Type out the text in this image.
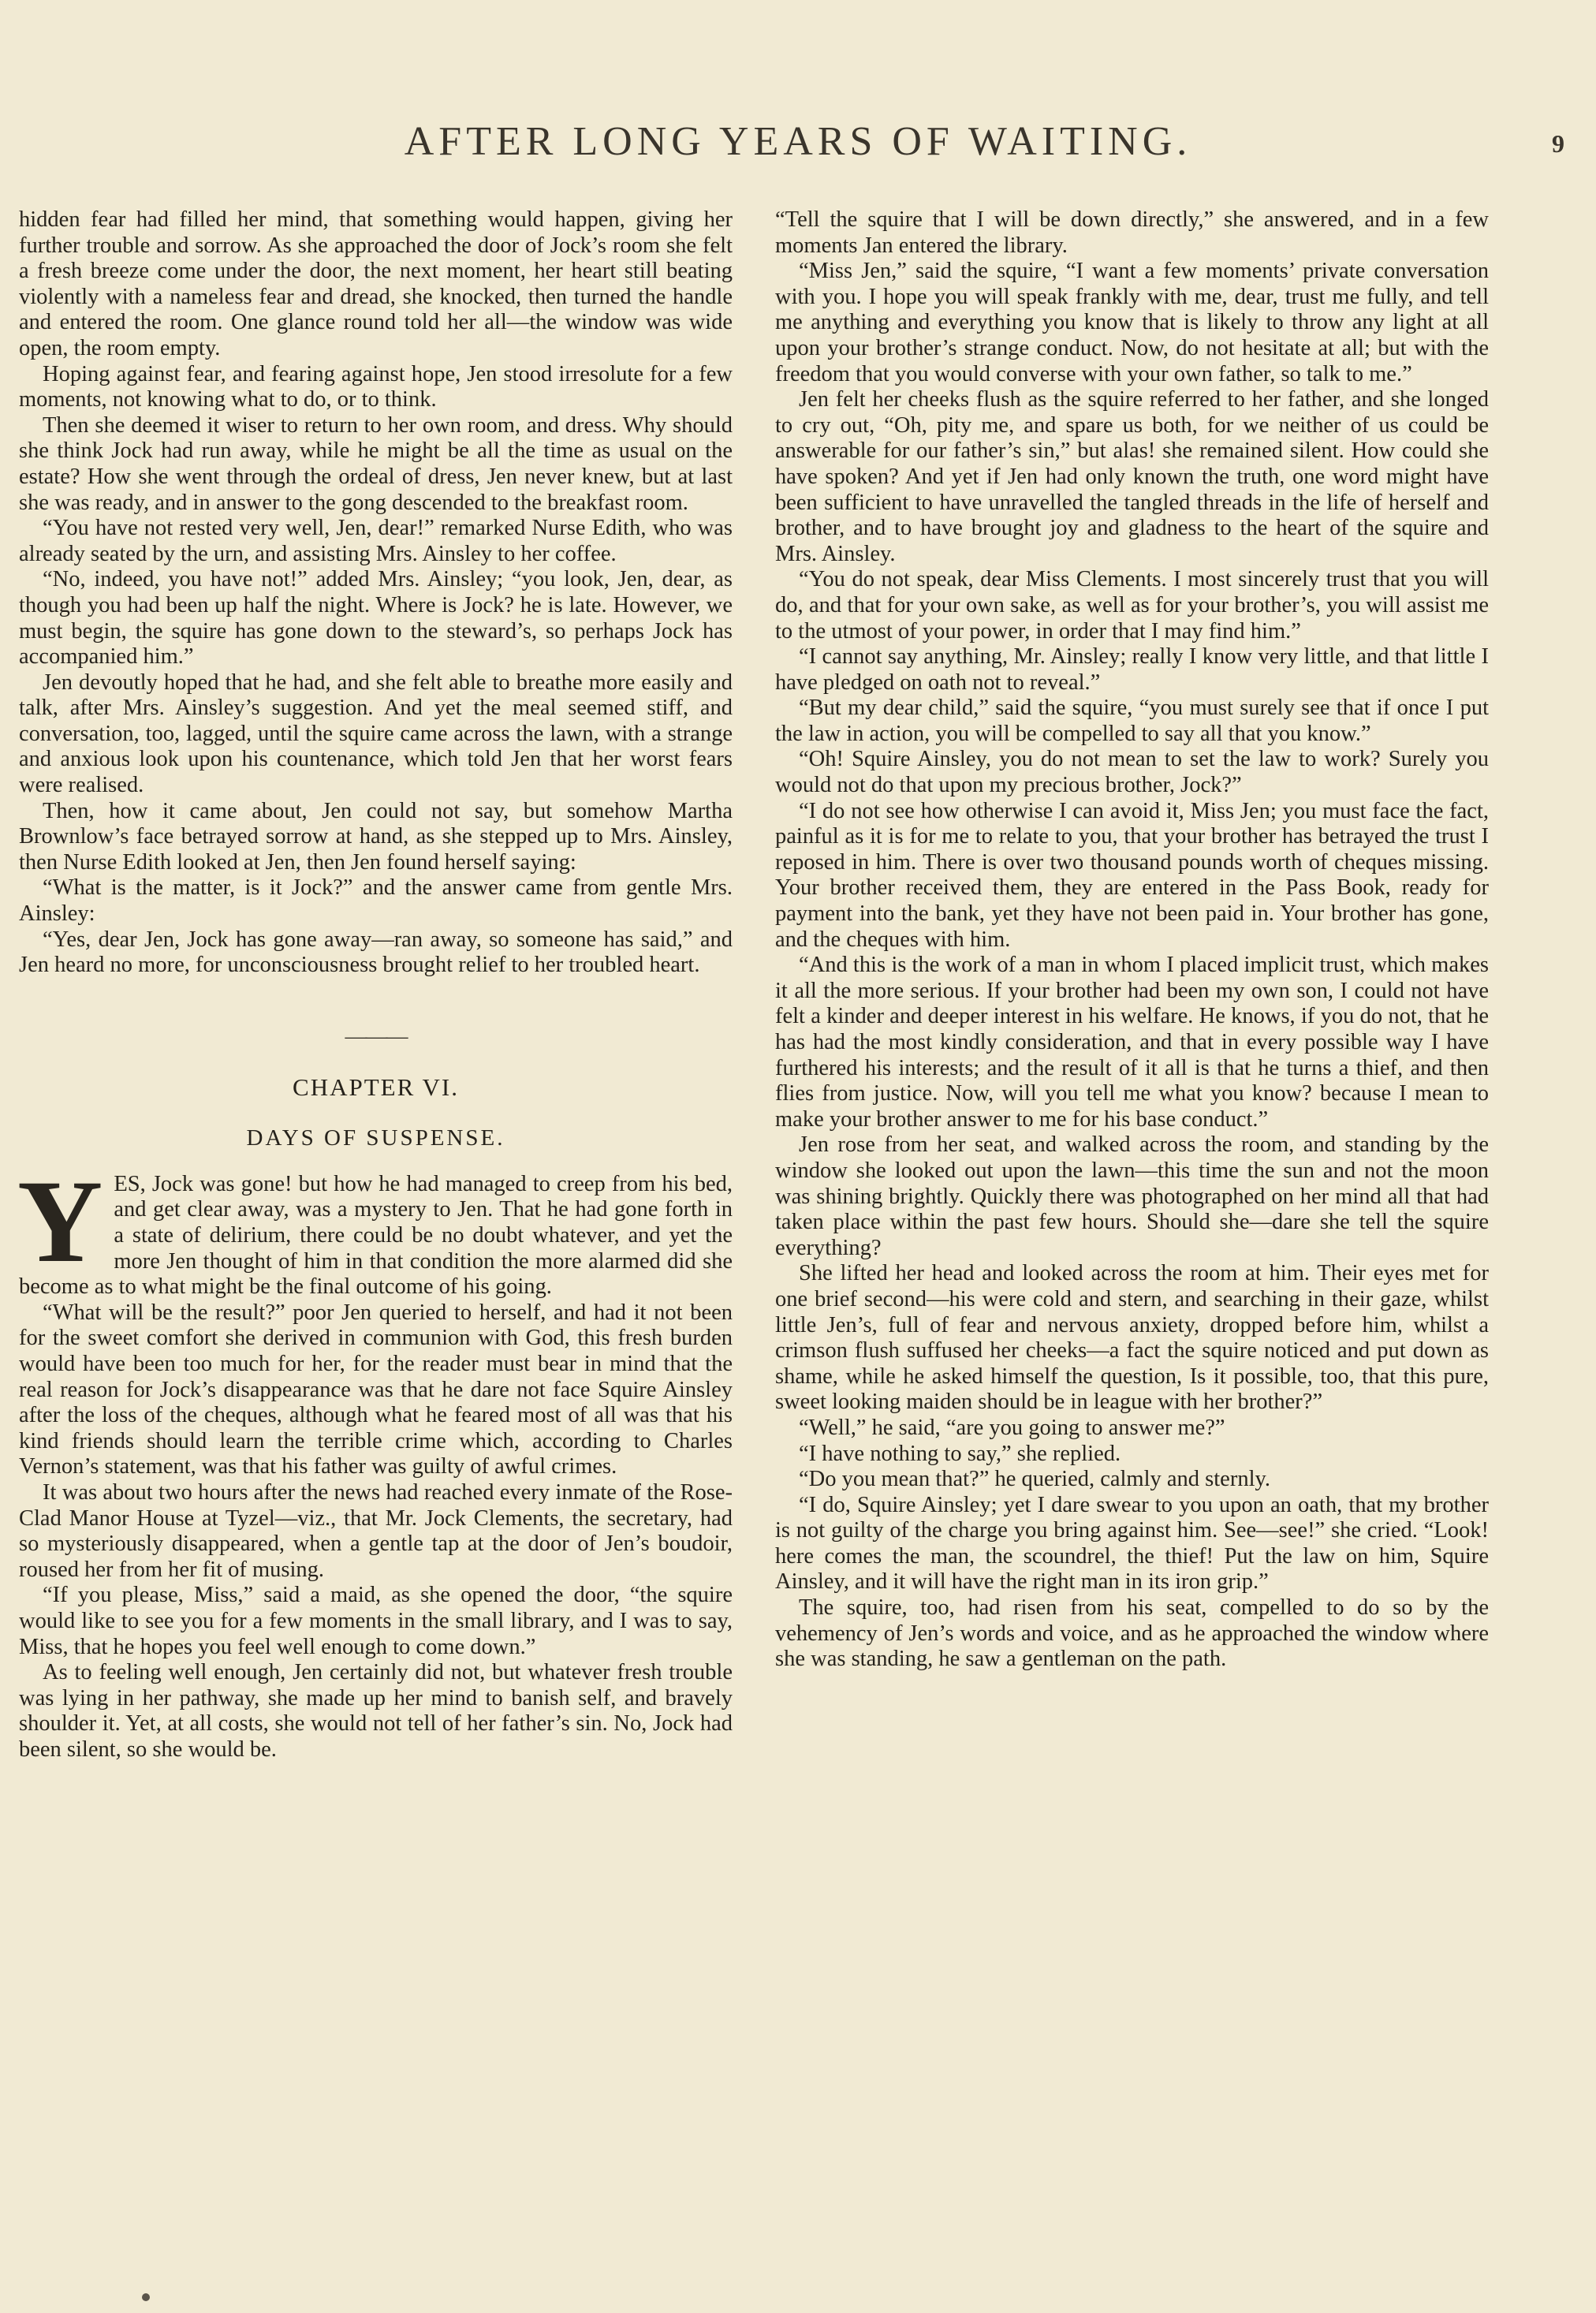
AFTER LONG YEARS OF WAITING.	9

hidden fear had filled her mind, that something would happen, giving her further trouble and sorrow. As she approached the door of Jock’s room she felt a fresh breeze come under the door, the next moment, her heart still beating violently with a nameless fear and dread, she knocked, then turned the handle and entered the room. One glance round told her all—the window was wide open, the room empty.

Hoping against fear, and fearing against hope, Jen stood irresolute for a few moments, not knowing what to do, or to think.

Then she deemed it wiser to return to her own room, and dress. Why should she think Jock had run away, while he might be all the time as usual on the estate? How she went through the ordeal of dress, Jen never knew, but at last she was ready, and in answer to the gong descended to the breakfast room.

“You have not rested very well, Jen, dear!” remarked Nurse Edith, who was already seated by the urn, and assisting Mrs. Ainsley to her coffee.

“No, indeed, you have not!” added Mrs. Ainsley; “you look, Jen, dear, as though you had been up half the night. Where is Jock? he is late. However, we must begin, the squire has gone down to the steward’s, so perhaps Jock has accompanied him.”

Jen devoutly hoped that he had, and she felt able to breathe more easily and talk, after Mrs. Ainsley’s suggestion. And yet the meal seemed stiff, and conversation, too, lagged, until the squire came across the lawn, with a strange and anxious look upon his countenance, which told Jen that her worst fears were realised.

Then, how it came about, Jen could not say, but somehow Martha Brownlow’s face betrayed sorrow at hand, as she stepped up to Mrs. Ainsley, then Nurse Edith looked at Jen, then Jen found herself saying:

“What is the matter, is it Jock?” and the answer came from gentle Mrs. Ainsley:

“Yes, dear Jen, Jock has gone away—ran away, so someone has said,” and Jen heard no more, for unconsciousness brought relief to her troubled heart.

———
CHAPTER VI.
DAYS OF SUSPENSE.

YES, Jock was gone! but how he had managed to creep from his bed, and get clear away, was a mystery to Jen. That he had gone forth in a state of delirium, there could be no doubt whatever, and yet the more Jen thought of him in that condition the more alarmed did she become as to what might be the final outcome of his going.

“What will be the result?” poor Jen queried to herself, and had it not been for the sweet comfort she derived in communion with God, this fresh burden would have been too much for her, for the reader must bear in mind that the real reason for Jock’s disappearance was that he dare not face Squire Ainsley after the loss of the cheques, although what he feared most of all was that his kind friends should learn the terrible crime which, according to Charles Vernon’s statement, was that his father was guilty of awful crimes.

It was about two hours after the news had reached every inmate of the Rose-Clad Manor House at Tyzel—viz., that Mr. Jock Clements, the secretary, had so mysteriously disappeared, when a gentle tap at the door of Jen’s boudoir, roused her from her fit of musing.

“If you please, Miss,” said a maid, as she opened the door, “the squire would like to see you for a few moments in the small library, and I was to say, Miss, that he hopes you feel well enough to come down.”

As to feeling well enough, Jen certainly did not, but whatever fresh trouble was lying in her pathway, she made up her mind to banish self, and bravely shoulder it. Yet, at all costs, she would not tell of her father’s sin. No, Jock had been silent, so she would be.

“Tell the squire that I will be down directly,” she answered, and in a few moments Jan entered the library.

“Miss Jen,” said the squire, “I want a few moments’ private conversation with you. I hope you will speak frankly with me, dear, trust me fully, and tell me anything and everything you know that is likely to throw any light at all upon your brother’s strange conduct. Now, do not hesitate at all; but with the freedom that you would converse with your own father, so talk to me.”

Jen felt her cheeks flush as the squire referred to her father, and she longed to cry out, “Oh, pity me, and spare us both, for we neither of us could be answerable for our father’s sin,” but alas! she remained silent. How could she have spoken? And yet if Jen had only known the truth, one word might have been sufficient to have unravelled the tangled threads in the life of herself and brother, and to have brought joy and gladness to the heart of the squire and Mrs. Ainsley.

“You do not speak, dear Miss Clements. I most sincerely trust that you will do, and that for your own sake, as well as for your brother’s, you will assist me to the utmost of your power, in order that I may find him.”

“I cannot say anything, Mr. Ainsley; really I know very little, and that little I have pledged on oath not to reveal.”

“But my dear child,” said the squire, “you must surely see that if once I put the law in action, you will be compelled to say all that you know.”

“Oh! Squire Ainsley, you do not mean to set the law to work? Surely you would not do that upon my precious brother, Jock?”

“I do not see how otherwise I can avoid it, Miss Jen; you must face the fact, painful as it is for me to relate to you, that your brother has betrayed the trust I reposed in him. There is over two thousand pounds worth of cheques missing. Your brother received them, they are entered in the Pass Book, ready for payment into the bank, yet they have not been paid in. Your brother has gone, and the cheques with him.

“And this is the work of a man in whom I placed implicit trust, which makes it all the more serious. If your brother had been my own son, I could not have felt a kinder and deeper interest in his welfare. He knows, if you do not, that he has had the most kindly consideration, and that in every possible way I have furthered his interests; and the result of it all is that he turns a thief, and then flies from justice. Now, will you tell me what you know? because I mean to make your brother answer to me for his base conduct.”

Jen rose from her seat, and walked across the room, and standing by the window she looked out upon the lawn—this time the sun and not the moon was shining brightly. Quickly there was photographed on her mind all that had taken place within the past few hours. Should she—dare she tell the squire everything?

She lifted her head and looked across the room at him. Their eyes met for one brief second—his were cold and stern, and searching in their gaze, whilst little Jen’s, full of fear and nervous anxiety, dropped before him, whilst a crimson flush suffused her cheeks—a fact the squire noticed and put down as shame, while he asked himself the question, Is it possible, too, that this pure, sweet looking maiden should be in league with her brother?”

“Well,” he said, “are you going to answer me?”

“I have nothing to say,” she replied.

“Do you mean that?” he queried, calmly and sternly.

“I do, Squire Ainsley; yet I dare swear to you upon an oath, that my brother is not guilty of the charge you bring against him. See—see!” she cried. “Look! here comes the man, the scoundrel, the thief! Put the law on him, Squire Ainsley, and it will have the right man in its iron grip.”

The squire, too, had risen from his seat, compelled to do so by the vehemency of Jen’s words and voice, and as he approached the window where she was standing, he saw a gentleman on the path.
